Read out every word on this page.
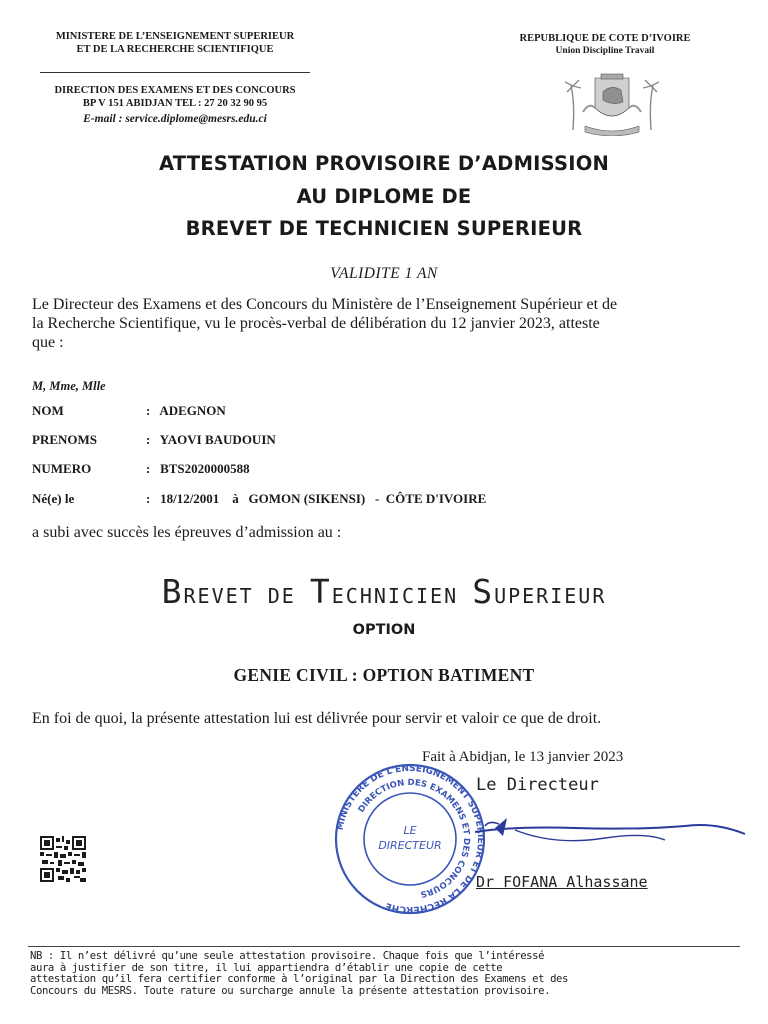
MINISTERE DE L’ENSEIGNEMENT SUPERIEUR
ET DE LA RECHERCHE SCIENTIFIQUE
DIRECTION DES EXAMENS ET DES CONCOURS
BP V 151 ABIDJAN TEL : 27 20 32 90 95
E-mail : service.diplome@mesrs.edu.ci
REPUBLIQUE DE COTE D’IVOIRE
Union Discipline Travail
ATTESTATION PROVISOIRE D’ADMISSION
AU DIPLOME DE
BREVET DE TECHNICIEN SUPERIEUR
VALIDITE 1 AN
Le Directeur des Examens et des Concours du Ministère de l’Enseignement Supérieur et de
la Recherche Scientifique, vu le procès-verbal de délibération du 12 janvier 2023, atteste
que :
M, Mme, Mlle
NOM	:   ADEGNON
PRENOMS	:   YAOVI BAUDOUIN
NUMERO	:   BTS2020000588
Né(e) le	:   18/12/2001    à   GOMON (SIKENSI)   -  CÔTE D'IVOIRE
a subi avec succès les épreuves d’admission au :
BREVET DE TECHNICIEN SUPERIEUR
OPTION
GENIE CIVIL : OPTION BATIMENT
En foi de quoi, la présente attestation lui est délivrée pour servir et valoir ce que de droit.
Fait à Abidjan, le 13 janvier 2023
Le Directeur
MINISTERE DE L'ENSEIGNEMENT SUPERIEUR ET DE LA RECHERCHE
DIRECTION DES EXAMENS ET DES CONCOURS
LE
DIRECTEUR
Dr FOFANA Alhassane
NB : Il n’est délivré qu’une seule attestation provisoire. Chaque fois que l’intéressé
aura à justifier de son titre, il lui appartiendra d’établir une copie de cette
attestation qu’il fera certifier conforme à l’original par la Direction des Examens et des
Concours du MESRS. Toute rature ou surcharge annule la présente attestation provisoire.
